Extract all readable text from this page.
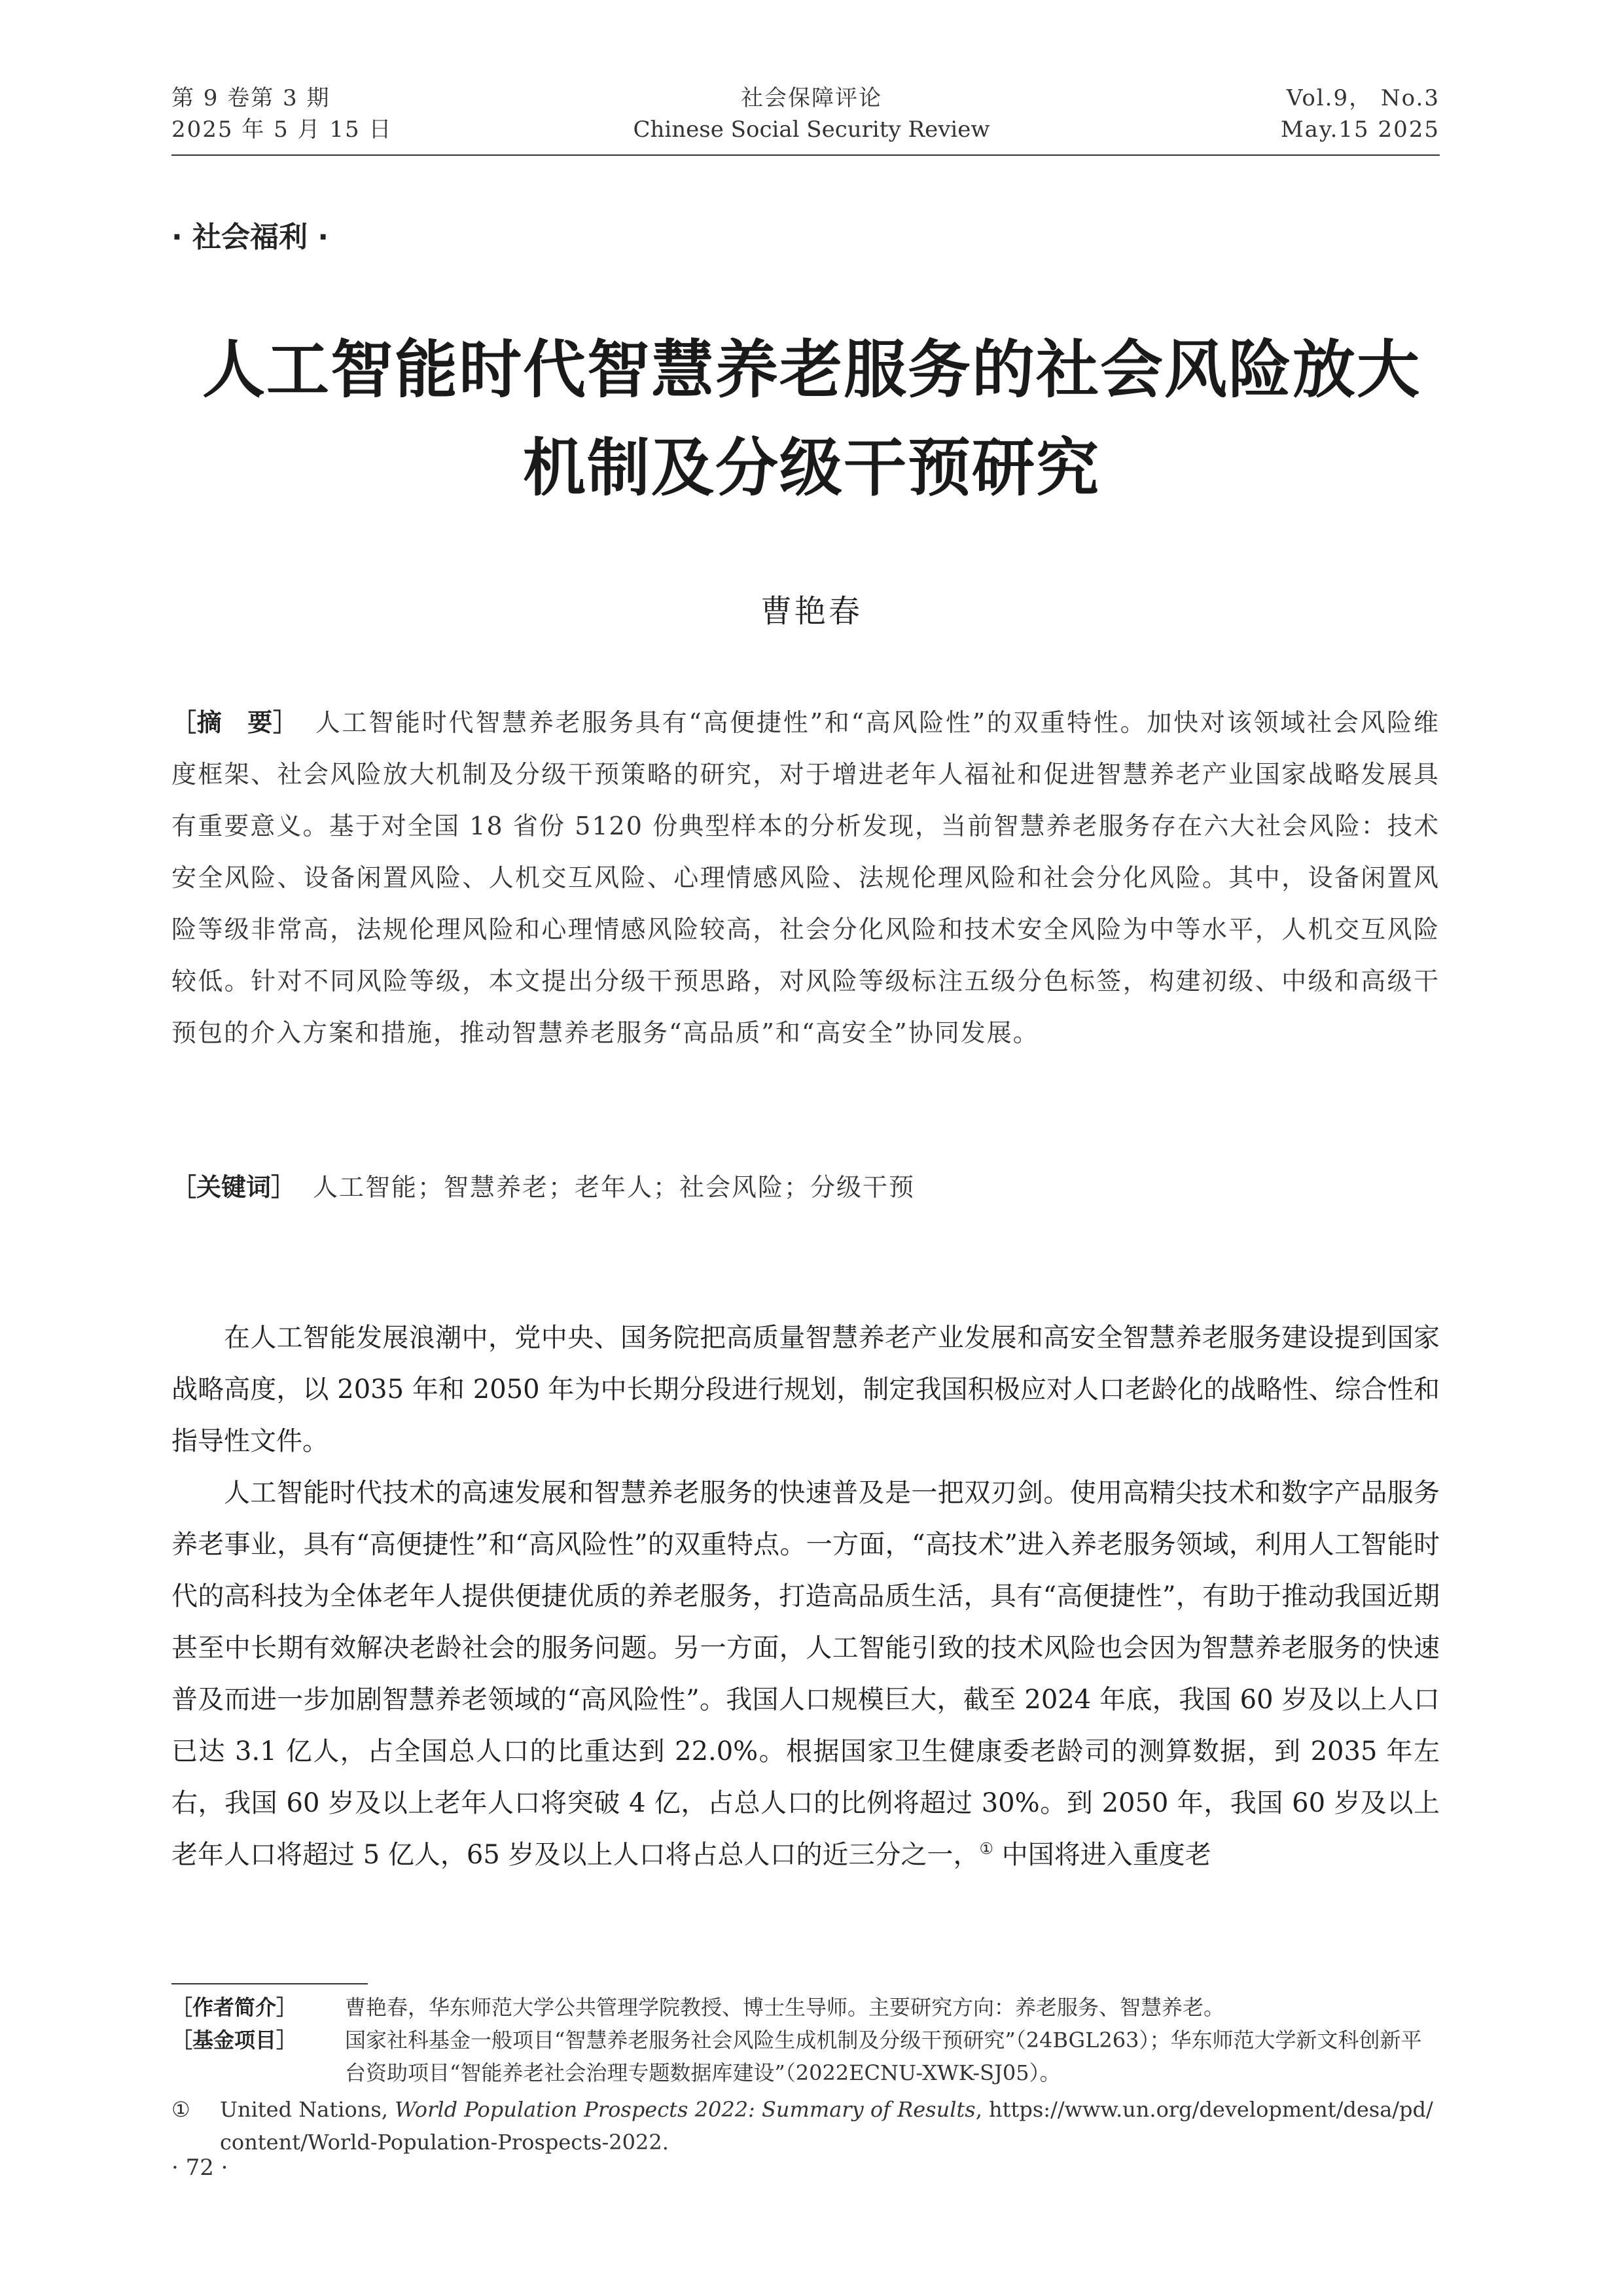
第 9 卷第 3 期
2025 年 5 月 15 日
社会保障评论
Chinese Social Security Review
Vol.9， No.3
May.15 2025
· 社会福利 ·
人工智能时代智慧养老服务的社会风险放大
机制及分级干预研究
曹艳春
［摘　要］ 人工智能时代智慧养老服务具有“高便捷性”和“高风险性”的双重特性。加快对该领域社会风险维度框架、社会风险放大机制及分级干预策略的研究，对于增进老年人福祉和促进智慧养老产业国家战略发展具有重要意义。基于对全国 18 省份 5120 份典型样本的分析发现，当前智慧养老服务存在六大社会风险：技术安全风险、设备闲置风险、人机交互风险、心理情感风险、法规伦理风险和社会分化风险。其中，设备闲置风险等级非常高，法规伦理风险和心理情感风险较高，社会分化风险和技术安全风险为中等水平，人机交互风险较低。针对不同风险等级，本文提出分级干预思路，对风险等级标注五级分色标签，构建初级、中级和高级干预包的介入方案和措施，推动智慧养老服务“高品质”和“高安全”协同发展。
［关键词］ 人工智能；智慧养老；老年人；社会风险；分级干预

在人工智能发展浪潮中，党中央、国务院把高质量智慧养老产业发展和高安全智慧养老服务建设提到国家战略高度，以 2035 年和 2050 年为中长期分段进行规划，制定我国积极应对人口老龄化的战略性、综合性和指导性文件。

人工智能时代技术的高速发展和智慧养老服务的快速普及是一把双刃剑。使用高精尖技术和数字产品服务养老事业，具有“高便捷性”和“高风险性”的双重特点。一方面，“高技术”进入养老服务领域，利用人工智能时代的高科技为全体老年人提供便捷优质的养老服务，打造高品质生活，具有“高便捷性”，有助于推动我国近期甚至中长期有效解决老龄社会的服务问题。另一方面，人工智能引致的技术风险也会因为智慧养老服务的快速普及而进一步加剧智慧养老领域的“高风险性”。我国人口规模巨大，截至 2024 年底，我国 60 岁及以上人口已达 3.1 亿人，占全国总人口的比重达到 22.0%。根据国家卫生健康委老龄司的测算数据，到 2035 年左右，我国 60 岁及以上老年人口将突破 4 亿，占总人口的比例将超过 30%。到 2050 年，我国 60 岁及以上老年人口将超过 5 亿人，65 岁及以上人口将占总人口的近三分之一，① 中国将进入重度老

［作者简介］	曹艳春，华东师范大学公共管理学院教授、博士生导师。主要研究方向：养老服务、智慧养老。
［基金项目］	国家社科基金一般项目“智慧养老服务社会风险生成机制及分级干预研究”（24BGL263）；华东师范大学新文科创新平台资助项目“智能养老社会治理专题数据库建设”（2022ECNU-XWK-SJ05）。
①	United Nations, World Population Prospects 2022: Summary of Results, https://www.un.org/development/desa/pd/content/World-Population-Prospects-2022.
· 72 ·
